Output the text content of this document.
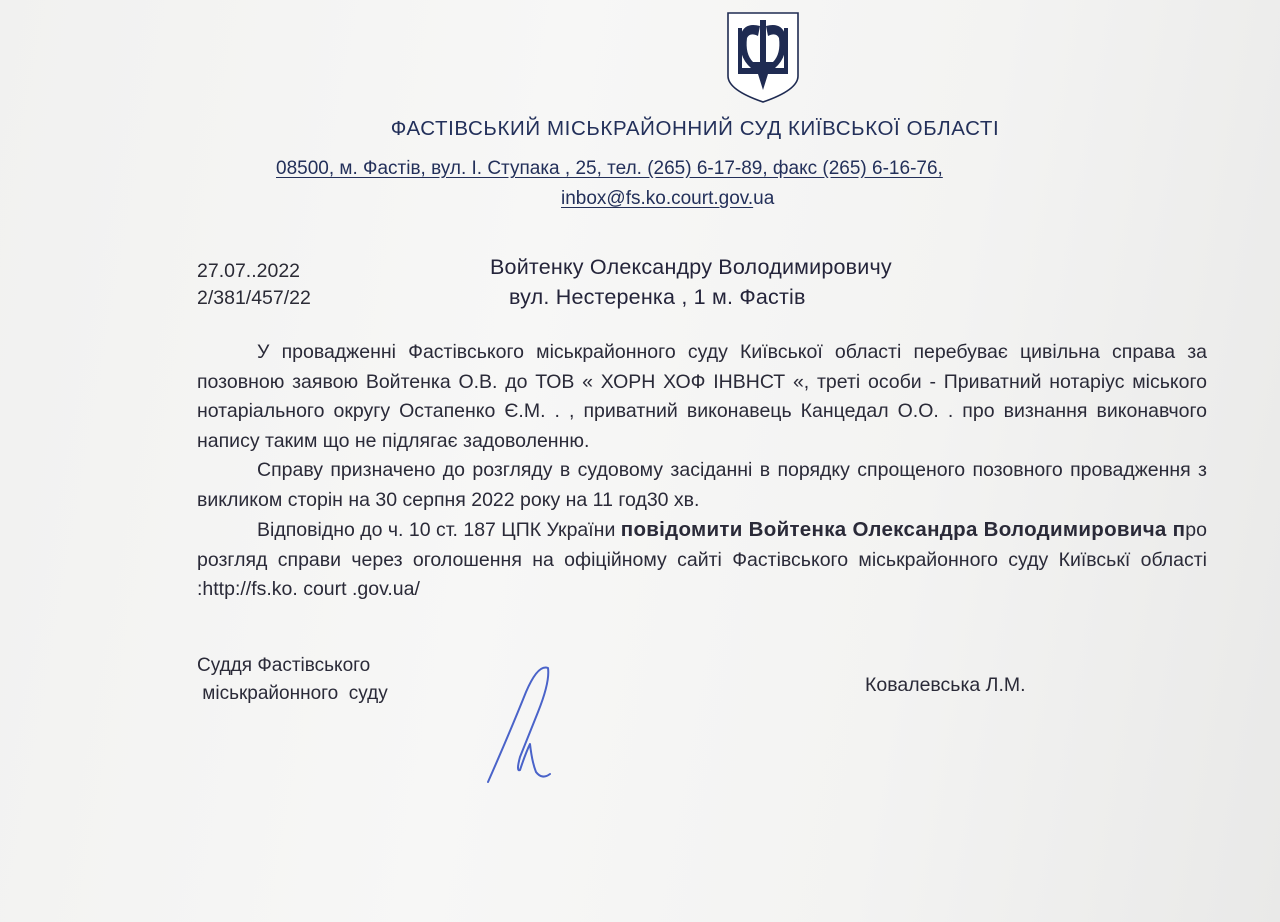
ФАСТІВСЬКИЙ МІСЬКРАЙОННИЙ СУД КИЇВСЬКОЇ ОБЛАСТІ
08500, м. Фастів, вул. І. Ступака , 25, тел. (265) 6-17-89, факс (265) 6-16-76,
inbox@fs.ko.court.gov.ua
27.07..2022
2/381/457/22
Войтенку Олександру Володимировичу
вул. Нестеренка , 1 м. Фастів

У провадженні Фастівського міськрайонного суду Київської області перебуває цивільна справа за позовною заявою Войтенка О.В. до ТОВ « ХОРН ХОФ ІНВНСТ «, треті особи - Приватний нотаріус міського нотаріального округу Остапенко Є.М. . , приватний виконавець Канцедал О.О. . про визнання виконавчого напису таким що не підлягає задоволенню.

Справу призначено до розгляду в судовому засіданні в порядку спрощеного позовного провадження з викликом сторін на 30 серпня 2022 року на 11 год30 хв.

Відповідно до ч. 10 ст. 187 ЦПК України повідомити Войтенка Олександра Володимировича про розгляд справи через оголошення на офіційному сайті Фастівського міськрайонного суду Київськї області :http://fs.ko. court .gov.ua/

Суддя Фастівського
міськрайонного  суду	Ковалевська Л.М.
